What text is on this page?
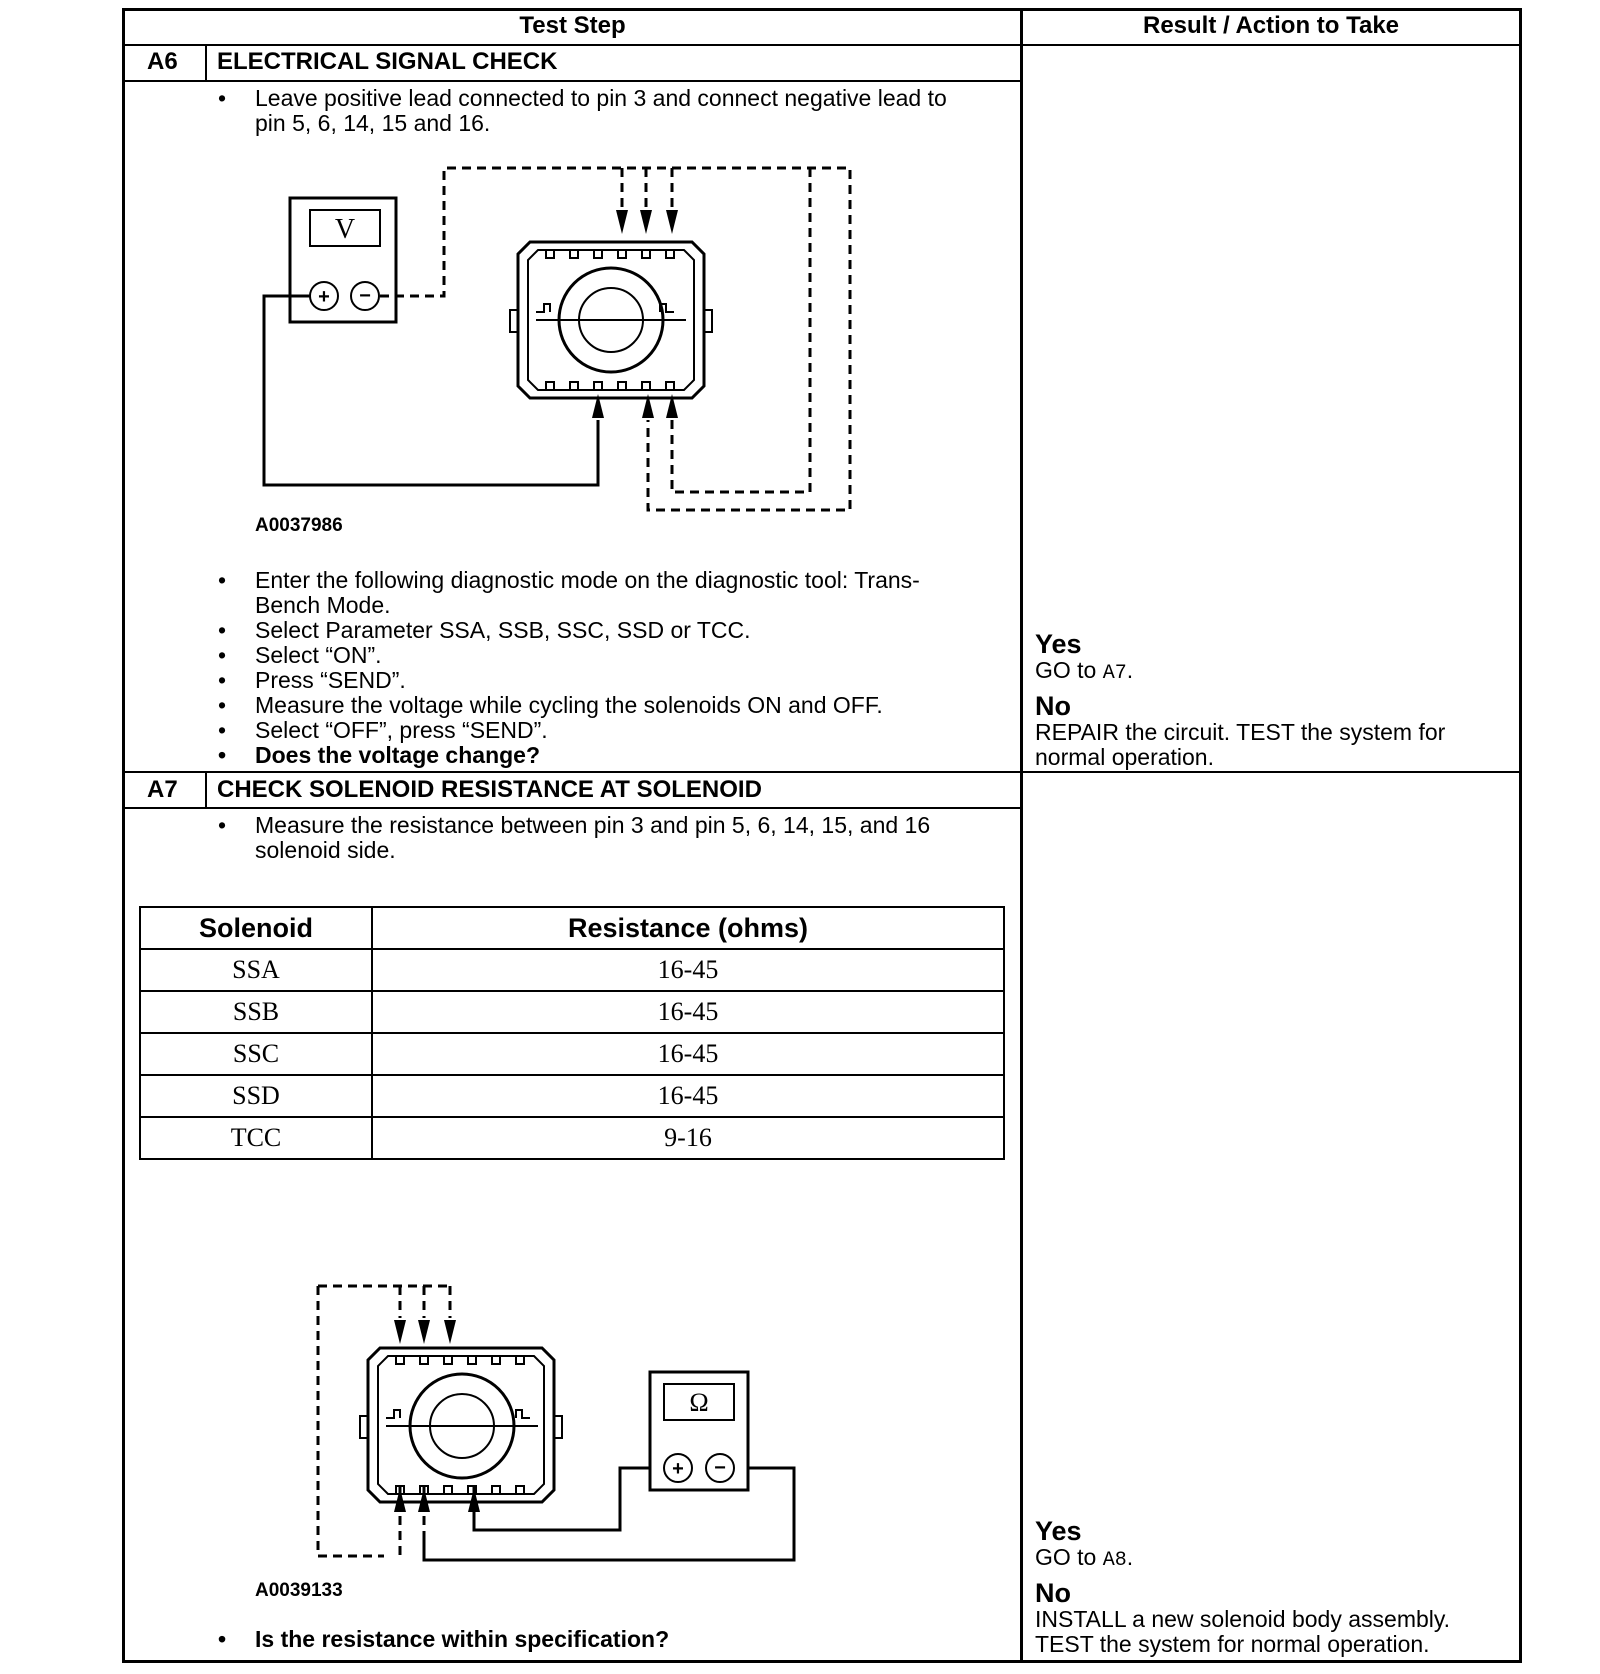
Test Step	Result / Action to Take
A6 ELECTRICAL SIGNAL CHECK
• Leave positive lead connected to pin 3 and connect negative lead to pin 5, 6, 14, 15 and 16.
V
+ −
A0037986
• Enter the following diagnostic mode on the diagnostic tool: Trans-Bench Mode.
• Select Parameter SSA, SSB, SSC, SSD or TCC.
• Select “ON”.
• Press “SEND”.
• Measure the voltage while cycling the solenoids ON and OFF.
• Select “OFF”, press “SEND”.
• Does the voltage change?
Yes
GO to A7.
No
REPAIR the circuit. TEST the system for normal operation.
A7 CHECK SOLENOID RESISTANCE AT SOLENOID
• Measure the resistance between pin 3 and pin 5, 6, 14, 15, and 16 solenoid side.
Solenoid	Resistance (ohms)
SSA	16-45
SSB	16-45
SSC	16-45
SSD	16-45
TCC	9-16
Ω
+ −
A0039133
• Is the resistance within specification?
Yes
GO to A8.
No
INSTALL a new solenoid body assembly. TEST the system for normal operation.
